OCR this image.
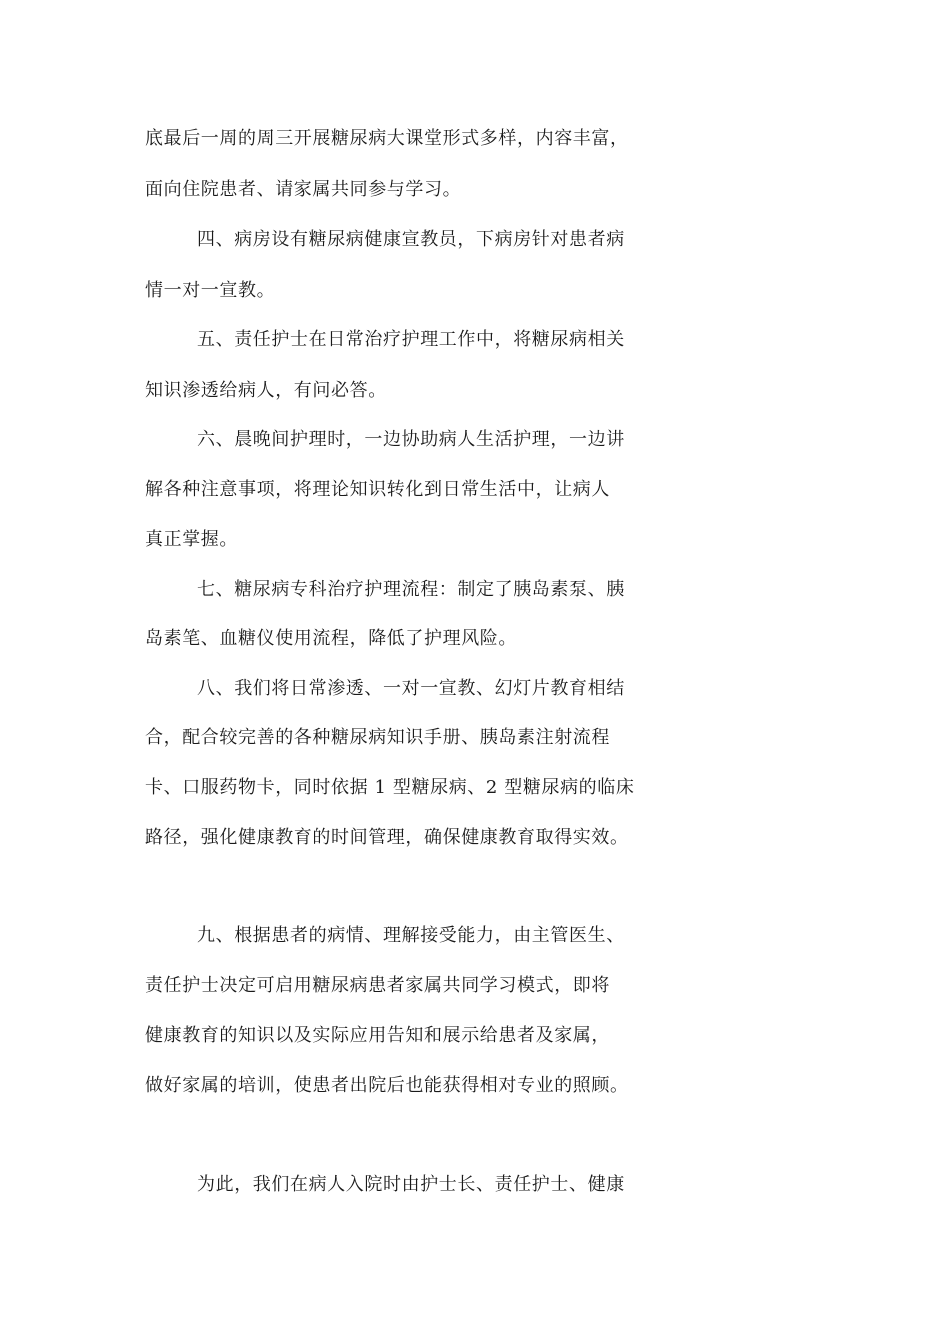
底最后一周的周三开展糖尿病大课堂形式多样，内容丰富，
面向住院患者、请家属共同参与学习。
四、病房设有糖尿病健康宣教员，下病房针对患者病
情一对一宣教。
五、责任护士在日常治疗护理工作中，将糖尿病相关
知识渗透给病人，有问必答。
六、晨晚间护理时，一边协助病人生活护理，一边讲
解各种注意事项，将理论知识转化到日常生活中，让病人
真正掌握。
七、糖尿病专科治疗护理流程：制定了胰岛素泵、胰
岛素笔、血糖仪使用流程，降低了护理风险。
八、我们将日常渗透、一对一宣教、幻灯片教育相结
合，配合较完善的各种糖尿病知识手册、胰岛素注射流程
卡、口服药物卡，同时依据 1 型糖尿病、2 型糖尿病的临床
路径，强化健康教育的时间管理，确保健康教育取得实效。
九、根据患者的病情、理解接受能力，由主管医生、
责任护士决定可启用糖尿病患者家属共同学习模式，即将
健康教育的知识以及实际应用告知和展示给患者及家属，
做好家属的培训，使患者出院后也能获得相对专业的照顾。
为此，我们在病人入院时由护士长、责任护士、健康
